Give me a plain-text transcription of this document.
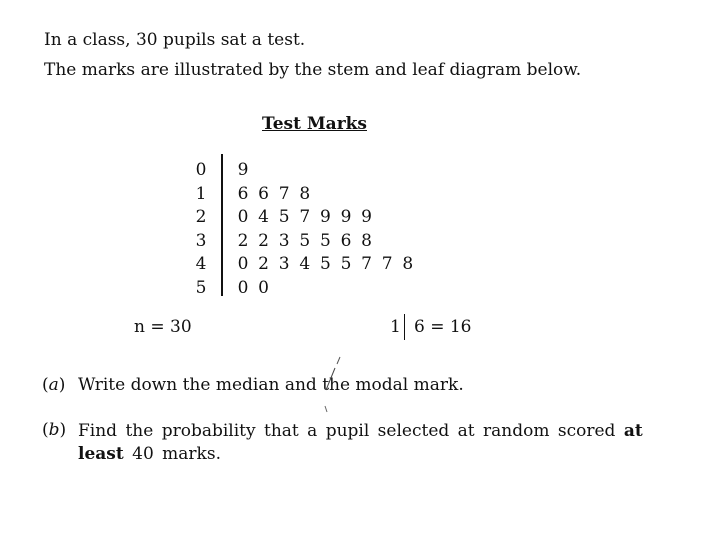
In a class, 30 pupils sat a test.
The marks are illustrated by the stem and leaf diagram below.
Test Marks
0 9
1 6 6 7 8
2 0 4 5 7 9 9 9
3 2 2 3 5 5 6 8
4 0 2 3 4 5 5 7 7 8
5 0 0
n = 30	1 6 = 16
(a) Write down the median and the modal mark.
(b) Find the probability that a pupil selected at random scored at least 40 marks.
